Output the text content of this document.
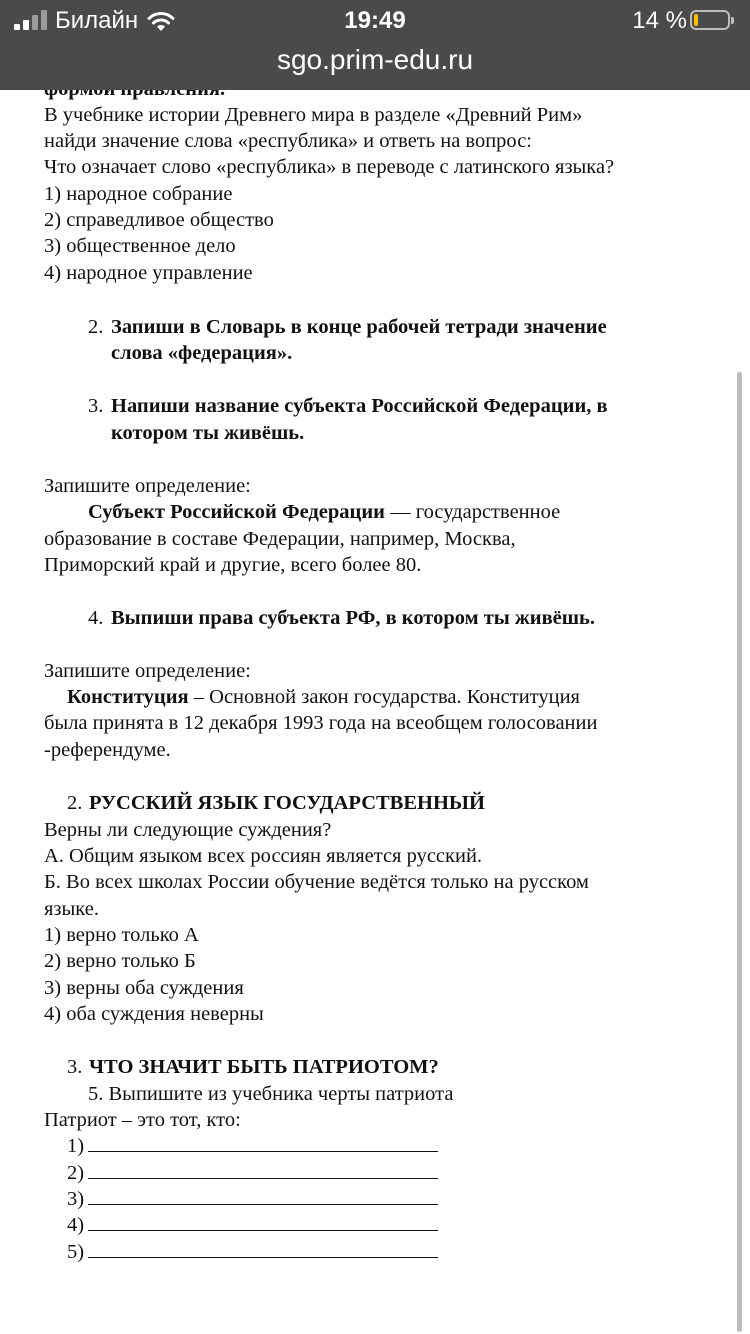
В учебнике истории Древнего мира в разделе «Древний Рим»
найди значение слова «республика» и ответь на вопрос:
Что означает слово «республика» в переводе с латинского языка?
1) народное собрание
2) справедливое общество
3) общественное дело
4) народное управление
2. Запиши в Словарь в конце рабочей тетради значение
слова «федерация».
3. Напиши название субъекта Российской Федерации, в
котором ты живёшь.
Запишите определение:
Субъект Российской Федерации — государственное
образование в составе Федерации, например, Москва,
Приморский край и другие, всего более 80.
4. Выпиши права субъекта РФ, в котором ты живёшь.
Запишите определение:
Конституция – Основной закон государства. Конституция
была принята в 12 декабря 1993 года на всеобщем голосовании
-референдуме.
2. РУССКИЙ ЯЗЫК ГОСУДАРСТВЕННЫЙ
Верны ли следующие суждения?
А. Общим языком всех россиян является русский.
Б. Во всех школах России обучение ведётся только на русском
языке.
1) верно только А
2) верно только Б
3) верны оба суждения
4) оба суждения неверны
3. ЧТО ЗНАЧИТ БЫТЬ ПАТРИОТОМ?
5. Выпишите из учебника черты патриота
Патриот – это тот, кто:
1)
2)
3)
4)
5)
Билайн	19:49	14 %
sgo.prim-edu.ru
